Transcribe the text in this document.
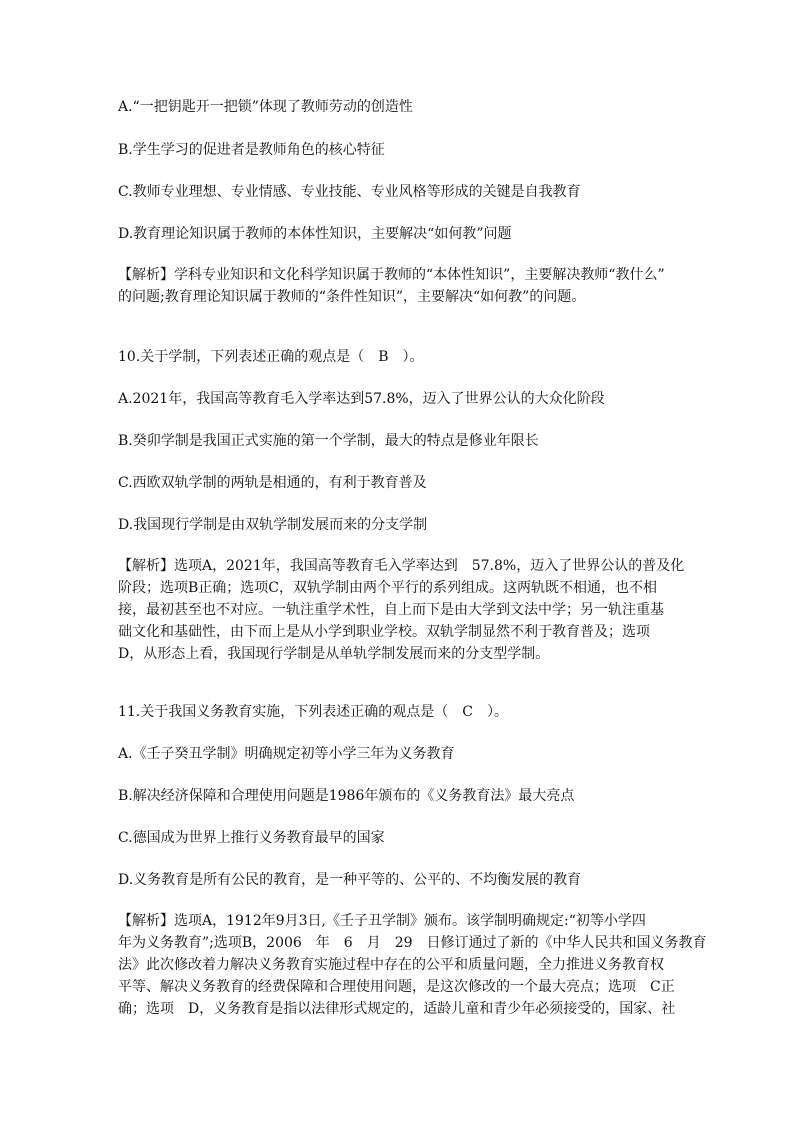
A.“一把钥匙开一把锁”体现了教师劳动的创造性
B.学生学习的促进者是教师角色的核心特征
C.教师专业理想、专业情感、专业技能、专业风格等形成的关键是自我教育
D.教育理论知识属于教师的本体性知识，主要解决“如何教”问题
【解析】学科专业知识和文化科学知识属于教师的“本体性知识”，主要解决教师“教什么”
的问题;教育理论知识属于教师的“条件性知识”，主要解决“如何教”的问题。
10.关于学制，下列表述正确的观点是（　B　）。
A.2021年，我国高等教育毛入学率达到57.8%，迈入了世界公认的大众化阶段
B.癸卯学制是我国正式实施的第一个学制，最大的特点是修业年限长
C.西欧双轨学制的两轨是相通的，有利于教育普及
D.我国现行学制是由双轨学制发展而来的分支学制
【解析】选项A，2021年，我国高等教育毛入学率达到　57.8%，迈入了世界公认的普及化
阶段；选项B正确；选项C，双轨学制由两个平行的系列组成。这两轨既不相通，也不相
接，最初甚至也不对应。一轨注重学术性，自上而下是由大学到文法中学；另一轨注重基
础文化和基础性，由下而上是从小学到职业学校。双轨学制显然不利于教育普及；选项
D，从形态上看，我国现行学制是从单轨学制发展而来的分支型学制。
11.关于我国义务教育实施，下列表述正确的观点是（　C　）。
A.《壬子癸丑学制》明确规定初等小学三年为义务教育
B.解决经济保障和合理使用问题是1986年颁布的《义务教育法》最大亮点
C.德国成为世界上推行义务教育最早的国家
D.义务教育是所有公民的教育，是一种平等的、公平的、不均衡发展的教育
【解析】选项A，1912年9月3日,《壬子丑学制》颁布。该学制明确规定:“初等小学四
年为义务教育”;选项B，2006　年　6　月　29　日修订通过了新的《中华人民共和国义务教育
法》此次修改着力解决义务教育实施过程中存在的公平和质量问题，全力推进义务教育权
平等、解决义务教育的经费保障和合理使用问题，是这次修改的一个最大亮点；选项　C正
确；选项　D，义务教育是指以法律形式规定的，适龄儿童和青少年必须接受的，国家、社
